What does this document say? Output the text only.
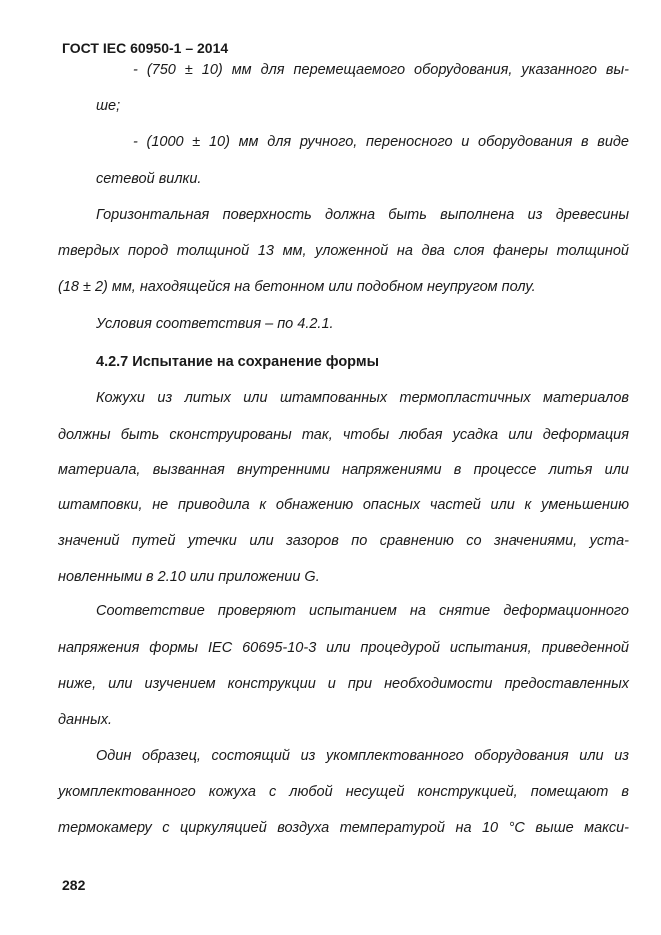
ГОСТ IEC 60950-1 – 2014
- (750 ± 10) мм для перемещаемого оборудования, указанного вы-
ше;
- (1000 ± 10) мм для ручного, переносного и оборудования в виде
сетевой вилки.
Горизонтальная поверхность должна быть выполнена из древесины
твердых пород толщиной 13 мм, уложенной на два слоя фанеры толщиной
(18 ± 2) мм, находящейся на бетонном или подобном неупругом полу.
Условия соответствия – по 4.2.1.
4.2.7 Испытание на сохранение формы
Кожухи из литых или штампованных термопластичных материалов
должны быть сконструированы так, чтобы любая усадка или деформация
материала, вызванная внутренними напряжениями в процессе литья или
штамповки, не приводила к обнажению опасных частей или к уменьшению
значений путей утечки или зазоров по сравнению со значениями, уста-
новленными в 2.10 или приложении G.
Соответствие проверяют испытанием на снятие деформационного
напряжения формы IEC 60695-10-3 или процедурой испытания, приведенной
ниже, или изучением конструкции и при необходимости предоставленных
данных.
Один образец, состоящий из укомплектованного оборудования или из
укомплектованного кожуха с любой несущей конструкцией, помещают в
термокамеру с циркуляцией воздуха температурой на 10 °С выше макси-
282
